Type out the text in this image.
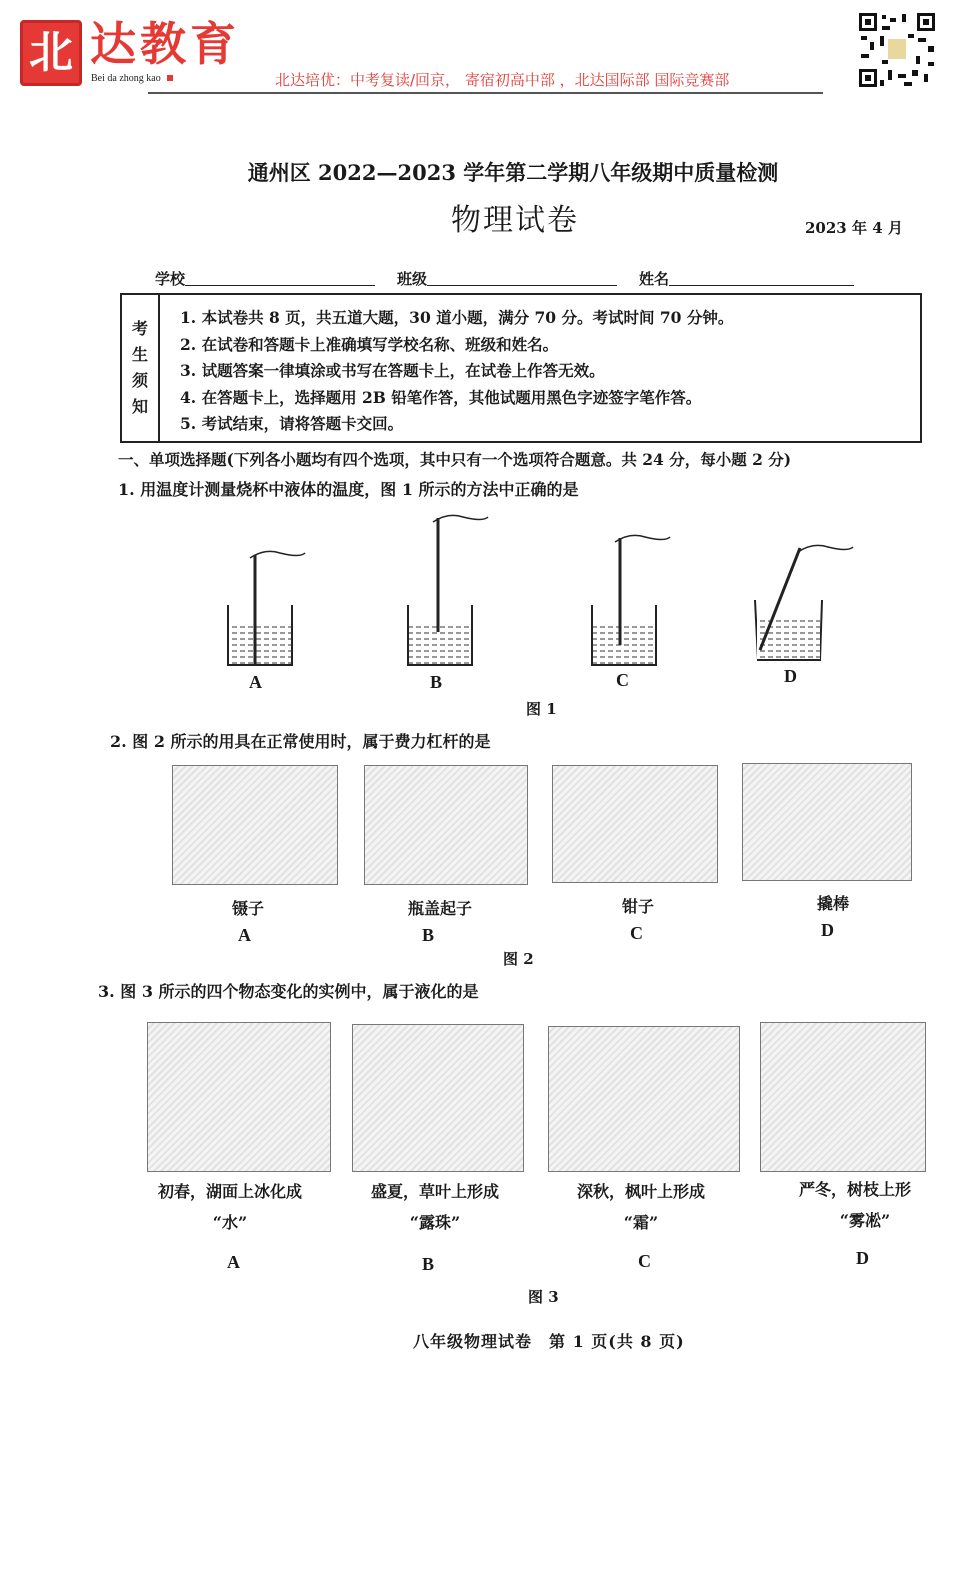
北 达教育
Bei da zhong kao	北达培优：中考复读/回京， 寄宿初高中部 ，北达国际部 国际竞赛部
通州区 2022—2023 学年第二学期八年级期中质量检测
物理试卷	2023 年 4 月
学校	班级	姓名
考
生
须
知
1. 本试卷共 8 页，共五道大题，30 道小题，满分 70 分。考试时间 70 分钟。
2. 在试卷和答题卡上准确填写学校名称、班级和姓名。
3. 试题答案一律填涂或书写在答题卡上，在试卷上作答无效。
4. 在答题卡上，选择题用 2B 铅笔作答，其他试题用黑色字迹签字笔作答。
5. 考试结束，请将答题卡交回。
一、单项选择题(下列各小题均有四个选项，其中只有一个选项符合题意。共 24 分，每小题 2 分)
1. 用温度计测量烧杯中液体的温度，图 1 所示的方法中正确的是
A	B	C	D
图 1
2. 图 2 所示的用具在正常使用时，属于费力杠杆的是
镊子	瓶盖起子	钳子	撬棒
A	B	C	D
图 2
3. 图 3 所示的四个物态变化的实例中，属于液化的是
初春，湖面上冰化成
“水”
盛夏，草叶上形成
“露珠”
深秋，枫叶上形成
“霜”
严冬，树枝上形
“雾凇”
A	B	C	D
图 3
八年级物理试卷　第 1 页(共 8 页)
